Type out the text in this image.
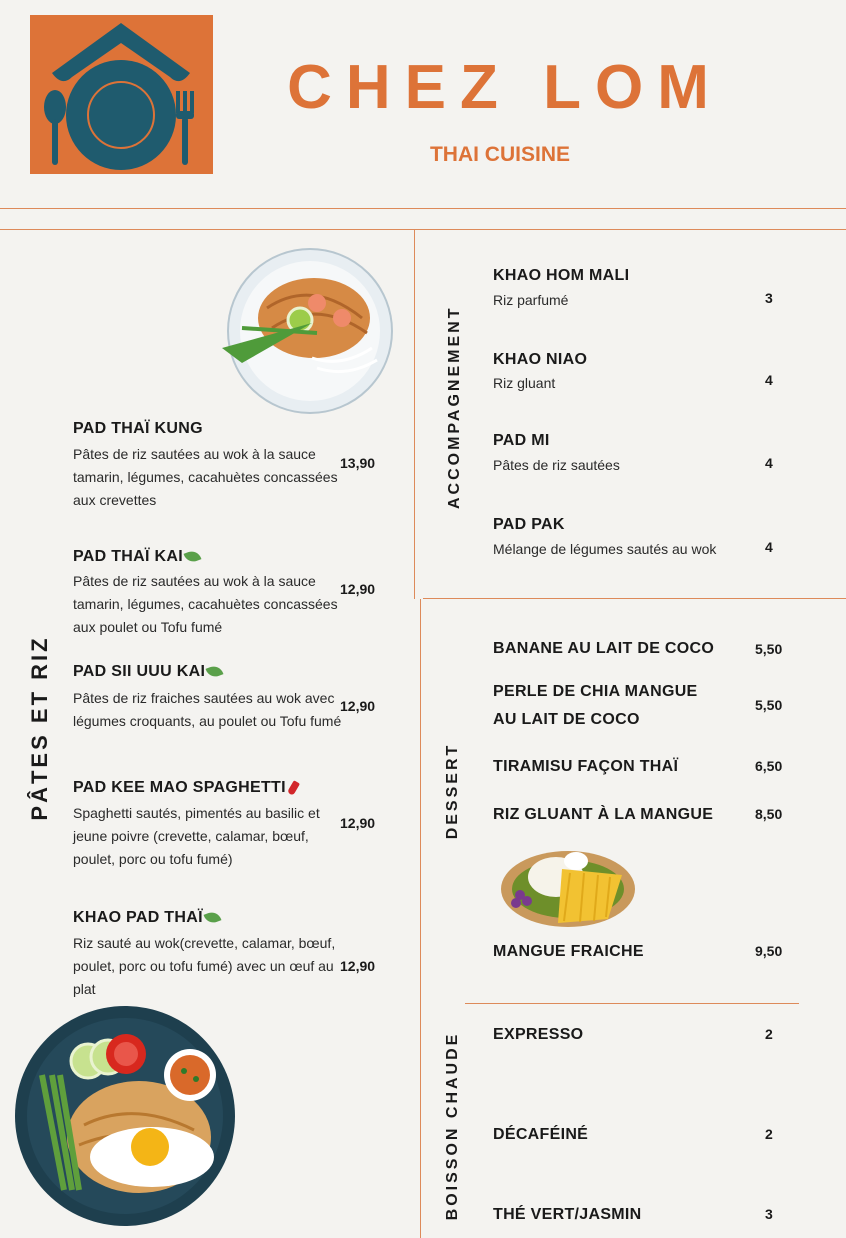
CHEZ LOM
THAI CUISINE
PÂTES ET RIZ
PAD THAÏ KUNG
Pâtes de riz sautées au wok à la sauce tamarin, légumes, cacahuètes concassées aux crevettes
13,90
PAD THAÏ KAI
Pâtes de riz sautées au wok à la sauce tamarin, légumes, cacahuètes concassées aux poulet ou Tofu fumé
12,90
PAD SII UUU KAI
Pâtes de riz fraiches sautées au wok avec légumes croquants, au poulet ou Tofu fumé
12,90
PAD KEE MAO SPAGHETTI
Spaghetti sautés, pimentés au basilic et jeune poivre (crevette, calamar, bœuf, poulet, porc ou tofu fumé)
12,90
KHAO PAD THAÏ
Riz sauté au wok(crevette, calamar, bœuf, poulet, porc ou tofu fumé) avec un œuf au plat
12,90
ACCOMPAGNEMENT
KHAO HOM MALI
Riz parfumé	3
KHAO NIAO
Riz gluant	4
PAD MI
Pâtes de riz sautées	4
PAD PAK
Mélange de légumes sautés au wok	4
DESSERT
BANANE AU LAIT DE COCO	5,50
PERLE DE CHIA MANGUE
AU LAIT DE COCO
5,50
TIRAMISU FAÇON THAÏ	6,50
RIZ GLUANT À LA MANGUE	8,50
MANGUE FRAICHE	9,50
BOISSON CHAUDE EXPRESSO	2
DÉCAFÉINÉ	2
THÉ VERT/JASMIN	3
